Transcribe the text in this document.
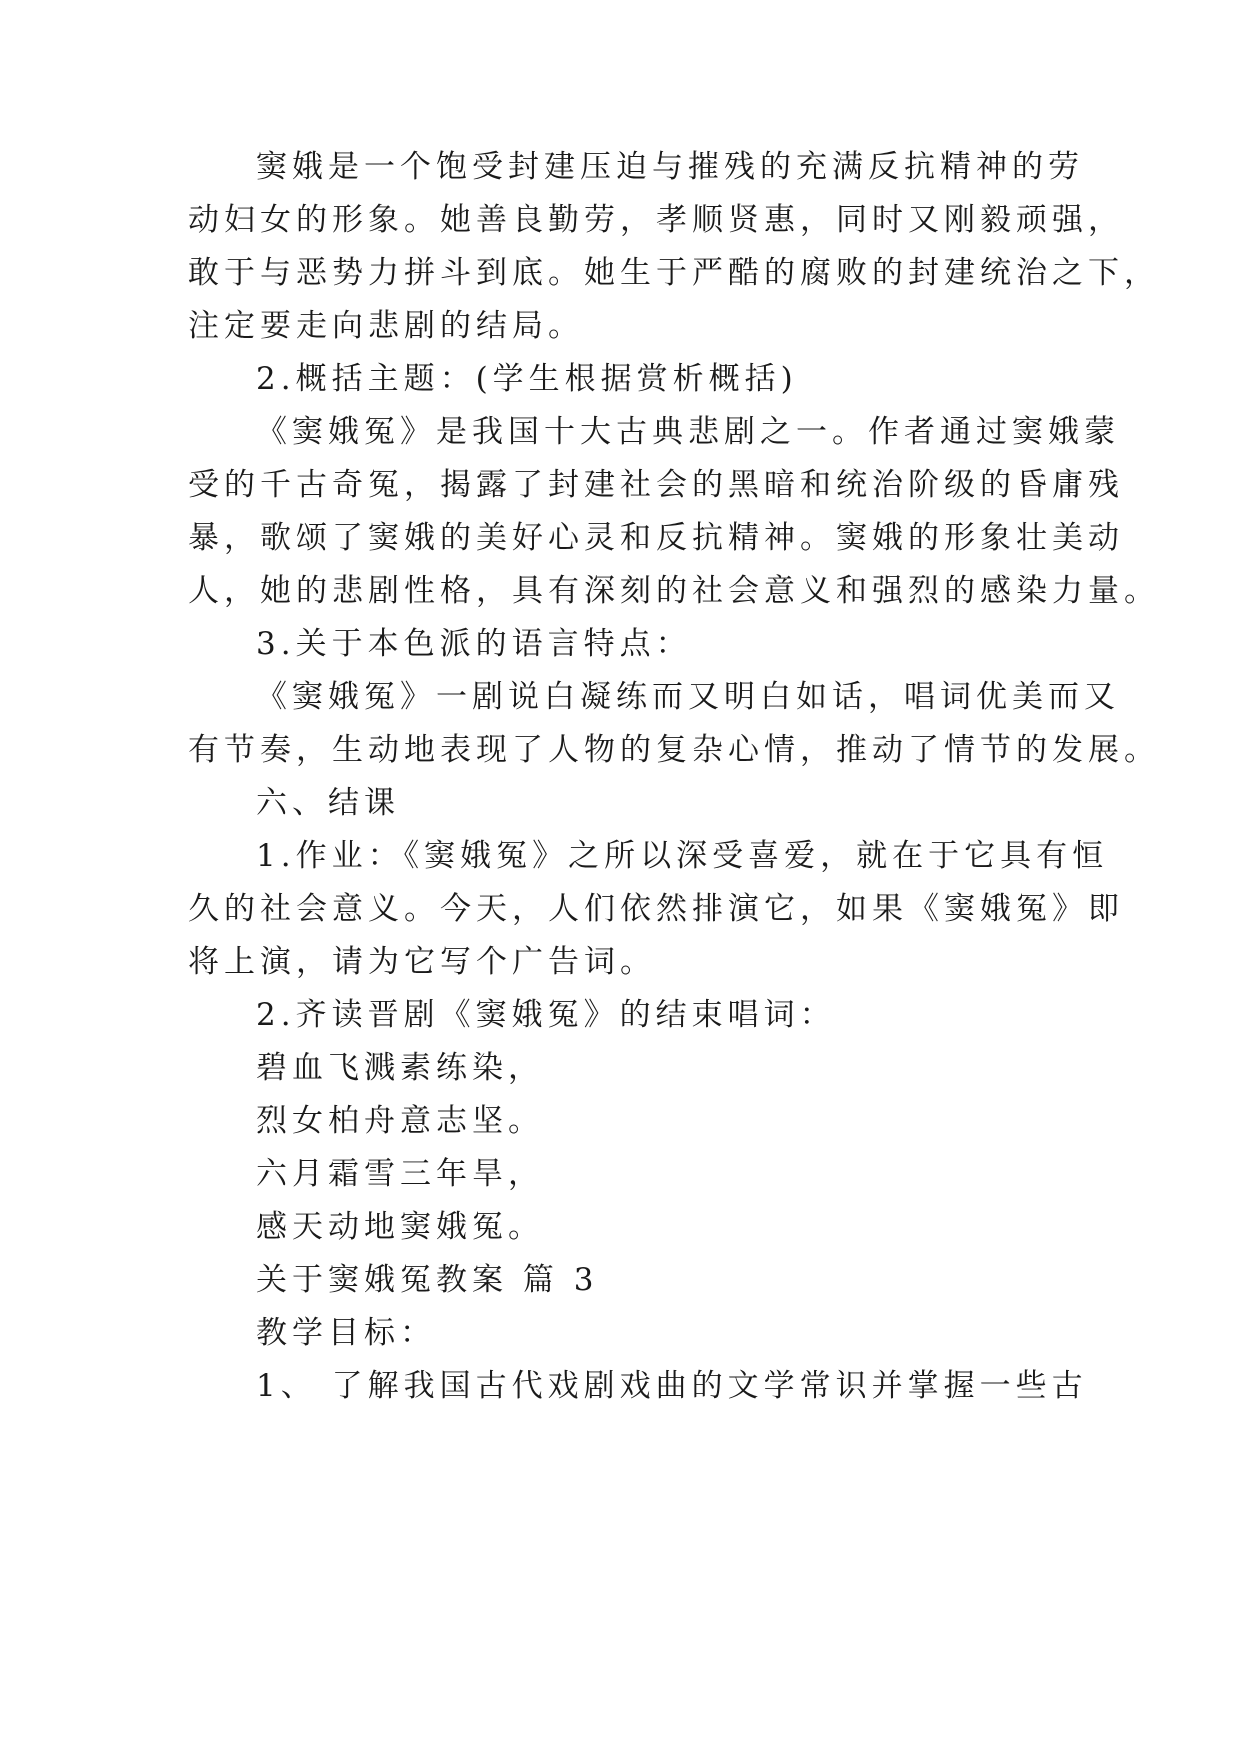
窦娥是一个饱受封建压迫与摧残的充满反抗精神的劳
动妇女的形象。她善良勤劳，孝顺贤惠，同时又刚毅顽强，
敢于与恶势力拼斗到底。她生于严酷的腐败的封建统治之下，
注定要走向悲剧的结局。
2.概括主题：(学生根据赏析概括)
《窦娥冤》是我国十大古典悲剧之一。作者通过窦娥蒙
受的千古奇冤，揭露了封建社会的黑暗和统治阶级的昏庸残
暴，歌颂了窦娥的美好心灵和反抗精神。窦娥的形象壮美动
人，她的悲剧性格，具有深刻的社会意义和强烈的感染力量。
3.关于本色派的语言特点：
《窦娥冤》一剧说白凝练而又明白如话，唱词优美而又
有节奏，生动地表现了人物的复杂心情，推动了情节的发展。
六、结课
1.作业：《窦娥冤》之所以深受喜爱，就在于它具有恒
久的社会意义。今天，人们依然排演它，如果《窦娥冤》即
将上演，请为它写个广告词。
2.齐读晋剧《窦娥冤》的结束唱词：
碧血飞溅素练染，
烈女柏舟意志坚。
六月霜雪三年旱，
感天动地窦娥冤。
关于窦娥冤教案 篇 3
教学目标：
1、 了解我国古代戏剧戏曲的文学常识并掌握一些古
